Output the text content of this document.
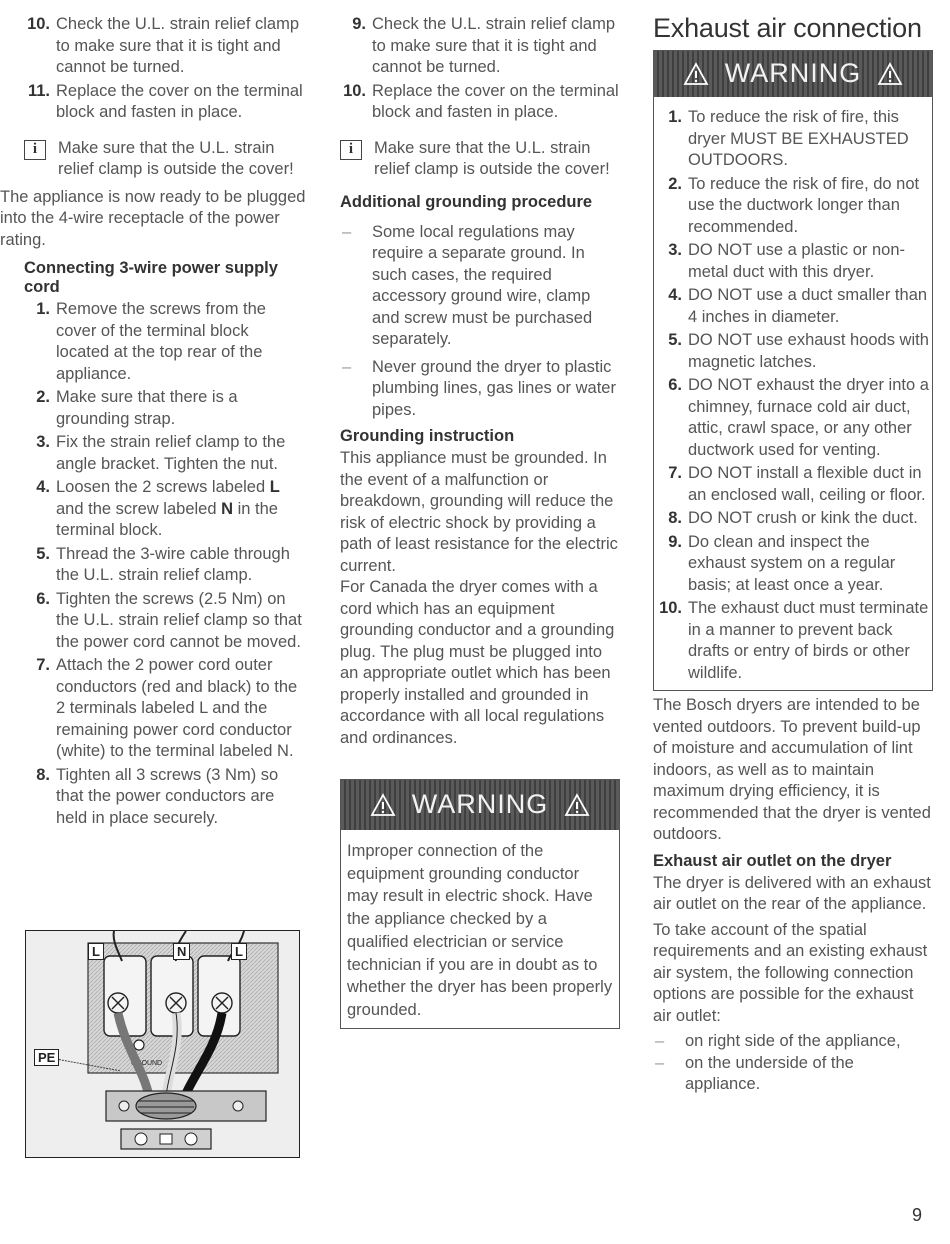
10. Check the U.L. strain relief clamp to make sure that it is tight and cannot be turned.
11. Replace the cover on the terminal block and fasten in place.
i	Make sure that the U.L. strain relief clamp is outside the cover!

The appliance is now ready to be plugged into the 4-wire receptacle of the power rating.

Connecting 3-wire power supply cord
1. Remove the screws from the cover of the terminal block located at the top rear of the appliance.
2. Make sure that there is a grounding strap.
3. Fix the strain relief clamp to the angle bracket. Tighten the nut.
4. Loosen the 2 screws labeled L and the screw labeled N in the terminal block.
5. Thread the 3-wire cable through the U.L. strain relief clamp.
6. Tighten the screws (2.5 Nm) on the U.L. strain relief clamp so that the power cord cannot be moved.
7. Attach the 2 power cord outer conductors (red and black) to the 2 terminals labeled L and the remaining power cord conductor (white) to the terminal labeled N.
8. Tighten all 3 screws (3 Nm) so that the power conductors are held in place securely.
GROUND
L	N	L
PE
9. Check the U.L. strain relief clamp to make sure that it is tight and cannot be turned.
10. Replace the cover on the terminal block and fasten in place.
i	Make sure that the U.L. strain relief clamp is outside the cover!
Additional grounding procedure
– Some local regulations may require a separate ground. In such cases, the required accessory ground wire, clamp and screw must be purchased separately.
– Never ground the dryer to plastic plumbing lines, gas lines or water pipes.
Grounding instruction

This appliance must be grounded. In the event of a malfunction or breakdown, grounding will reduce the risk of electric shock by providing a path of least resistance for the electric current.

For Canada the dryer comes with a cord which has an equipment grounding conductor and a grounding plug. The plug must be plugged into an appropriate outlet which has been properly installed and grounded in accordance with all local regulations and ordinances.

WARNING

Improper connection of the equipment grounding conductor may result in electric shock. Have the appliance checked by a qualified electrician or service technician if you are in doubt as to whether the dryer has been properly grounded.

Exhaust air connection
WARNING
1. To reduce the risk of fire, this dryer MUST BE EXHAUSTED OUTDOORS.
2. To reduce the risk of fire, do not use the ductwork longer than recommended.
3. DO NOT use a plastic or non-metal duct with this dryer.
4. DO NOT use a duct smaller than 4 inches in diameter.
5. DO NOT use exhaust hoods with magnetic latches.
6. DO NOT exhaust the dryer into a chimney, furnace cold air duct, attic, crawl space, or any other ductwork used for venting.
7. DO NOT install a flexible duct in an enclosed wall, ceiling or floor.
8. DO NOT crush or kink the duct.
9. Do clean and inspect the exhaust system on a regular basis; at least once a year.
10. The exhaust duct must terminate in a manner to prevent back drafts or entry of birds or other wildlife.

The Bosch dryers are intended to be vented outdoors. To prevent build-up of moisture and accumulation of lint indoors, as well as to maintain maximum drying efficiency, it is recommended that the dryer is vented outdoors.

Exhaust air outlet on the dryer

The dryer is delivered with an exhaust air outlet on the rear of the appliance.

To take account of the spatial requirements and an existing exhaust air system, the following connection options are possible for the exhaust air outlet:

– on right side of the appliance,
– on the underside of the appliance.
9
